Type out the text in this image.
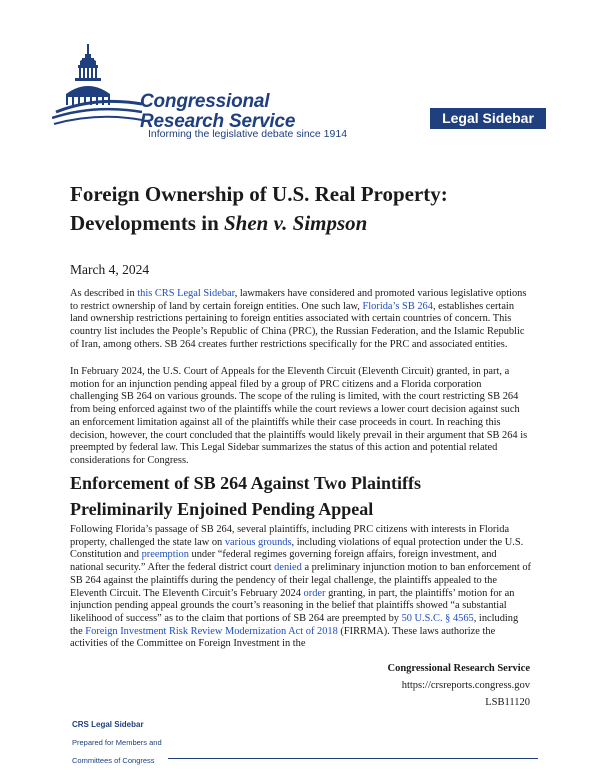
Congressional
Research Service
Informing the legislative debate since 1914
Legal Sidebar
Foreign Ownership of U.S. Real Property:
Developments in Shen v. Simpson
March 4, 2024
As described in this CRS Legal Sidebar, lawmakers have considered and promoted various legislative options to restrict ownership of land by certain foreign entities. One such law, Florida’s SB 264, establishes certain land ownership restrictions pertaining to foreign entities associated with certain countries of concern. This country list includes the People’s Republic of China (PRC), the Russian Federation, and the Islamic Republic of Iran, among others. SB 264 creates further restrictions specifically for the PRC and associated entities.
In February 2024, the U.S. Court of Appeals for the Eleventh Circuit (Eleventh Circuit) granted, in part, a motion for an injunction pending appeal filed by a group of PRC citizens and a Florida corporation challenging SB 264 on various grounds. The scope of the ruling is limited, with the court restricting SB 264 from being enforced against two of the plaintiffs while the court reviews a lower court decision against such an enforcement limitation against all of the plaintiffs while their case proceeds in court. In reaching this decision, however, the court concluded that the plaintiffs would likely prevail in their argument that SB 264 is preempted by federal law. This Legal Sidebar summarizes the status of this action and potential related considerations for Congress.
Enforcement of SB 264 Against Two Plaintiffs
Preliminarily Enjoined Pending Appeal
Following Florida’s passage of SB 264, several plaintiffs, including PRC citizens with interests in Florida property, challenged the state law on various grounds, including violations of equal protection under the U.S. Constitution and preemption under “federal regimes governing foreign affairs, foreign investment, and national security.” After the federal district court denied a preliminary injunction motion to ban enforcement of SB 264 against the plaintiffs during the pendency of their legal challenge, the plaintiffs appealed to the Eleventh Circuit. The Eleventh Circuit’s February 2024 order granting, in part, the plaintiffs’ motion for an injunction pending appeal grounds the court’s reasoning in the belief that plaintiffs showed “a substantial likelihood of success” as to the claim that portions of SB 264 are preempted by 50 U.S.C. § 4565, including the Foreign Investment Risk Review Modernization Act of 2018 (FIRRMA). These laws authorize the activities of the Committee on Foreign Investment in the
Congressional Research Service
https://crsreports.congress.gov
LSB11120
CRS Legal Sidebar
Prepared for Members and
Committees of Congress
